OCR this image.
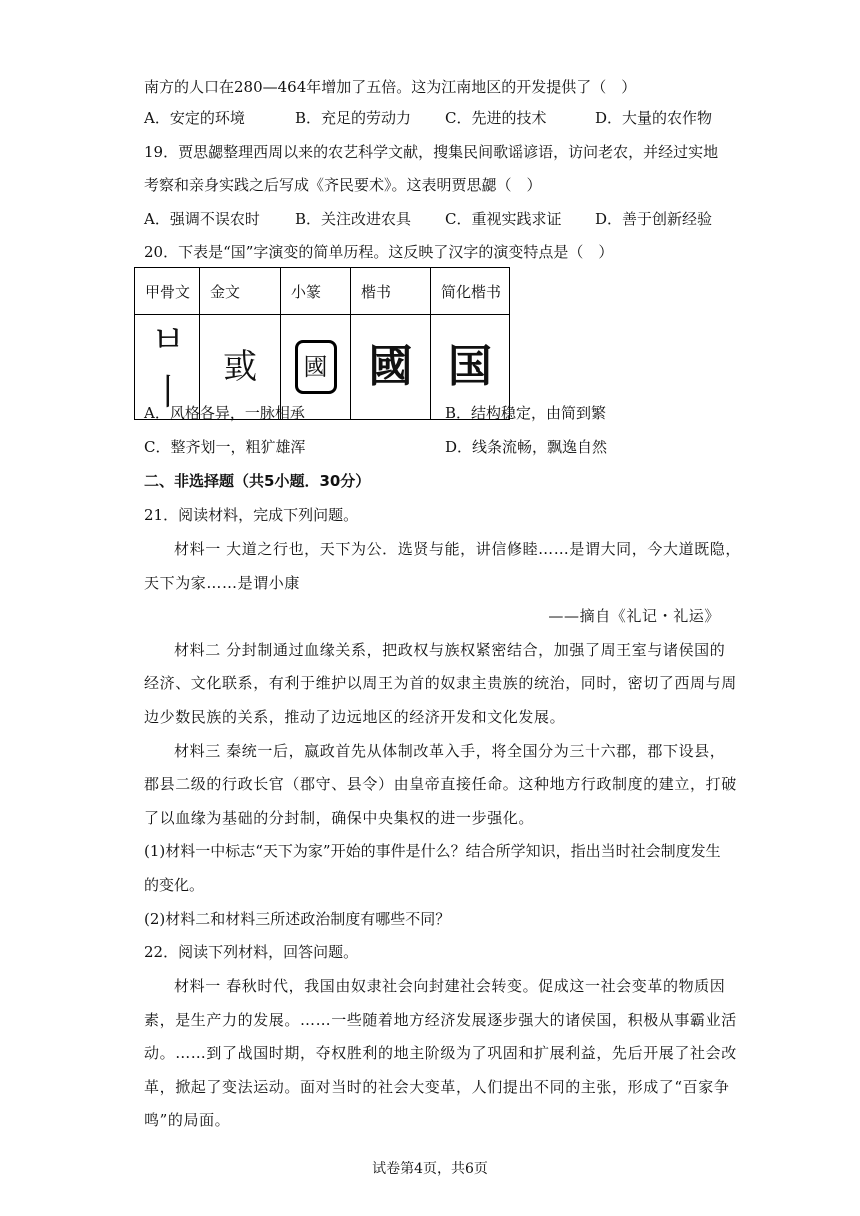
南方的人口在280—464年增加了五倍。这为江南地区的开发提供了（　）
A．安定的环境	B．充足的劳动力 C．先进的技术	D．大量的农作物
19．贾思勰整理西周以来的农艺科学文献，搜集民间歌谣谚语，访问老农，并经过实地
考察和亲身实践之后写成《齐民要术》。这表明贾思勰（　）
A．强调不误农时 B．关注改进农具 C．重视实践求证 D．善于创新经验
20．下表是“国”字演变的简单历程。这反映了汉字的演变特点是（　）
甲骨文	金文	小篆	楷书	简化楷书
ㅂ丨	戜	國	國	国
A．风格各异，一脉相承	B．结构稳定，由简到繁
C．整齐划一，粗犷雄浑	D．线条流畅，飘逸自然
二、非选择题（共5小题．30分）
21．阅读材料，完成下列问题。
材料一 大道之行也，天下为公．选贤与能，讲信修睦……是谓大同，今大道既隐，
天下为家……是谓小康
——摘自《礼记・礼运》
材料二 分封制通过血缘关系，把政权与族权紧密结合，加强了周王室与诸侯国的
经济、文化联系，有利于维护以周王为首的奴隶主贵族的统治，同时，密切了西周与周
边少数民族的关系，推动了边远地区的经济开发和文化发展。
材料三 秦统一后，嬴政首先从体制改革入手，将全国分为三十六郡，郡下设县，
郡县二级的行政长官（郡守、县令）由皇帝直接任命。这种地方行政制度的建立，打破
了以血缘为基础的分封制，确保中央集权的进一步强化。
(1)材料一中标志“天下为家”开始的事件是什么？结合所学知识，指出当时社会制度发生
的变化。
(2)材料二和材料三所述政治制度有哪些不同？
22．阅读下列材料，回答问题。
材料一 春秋时代，我国由奴隶社会向封建社会转变。促成这一社会变革的物质因
素，是生产力的发展。……一些随着地方经济发展逐步强大的诸侯国，积极从事霸业活
动。……到了战国时期，夺权胜利的地主阶级为了巩固和扩展利益，先后开展了社会改
革，掀起了变法运动。面对当时的社会大变革，人们提出不同的主张，形成了“百家争
鸣”的局面。
试卷第4页，共6页
